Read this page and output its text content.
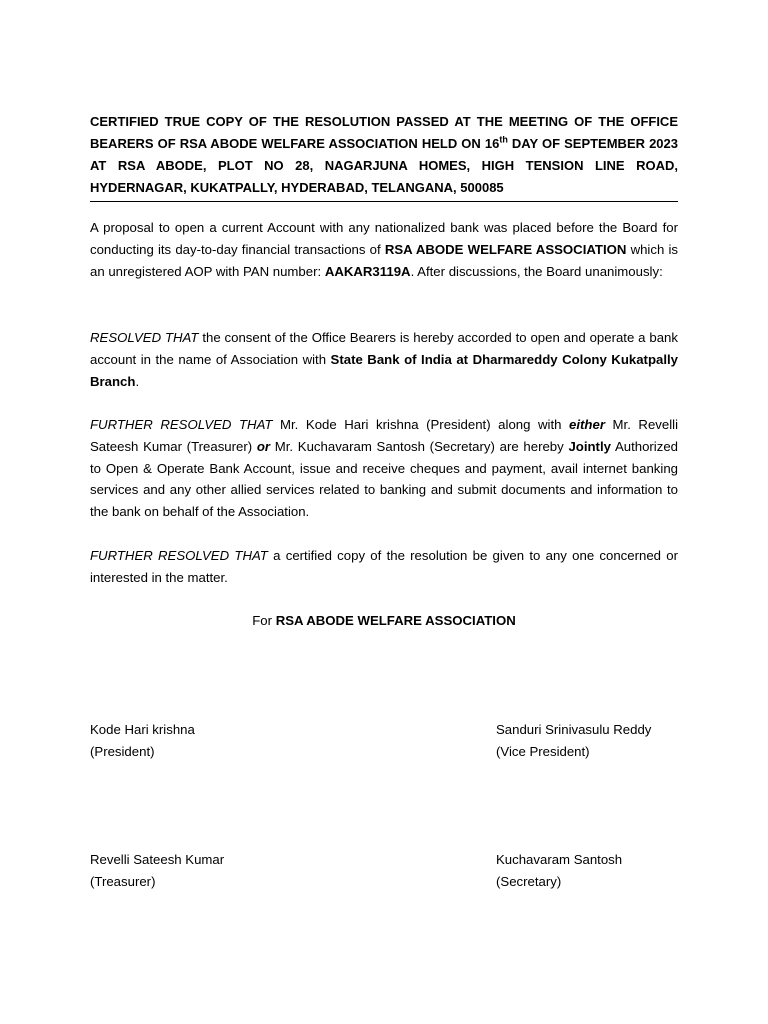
CERTIFIED TRUE COPY OF THE RESOLUTION PASSED AT THE MEETING OF THE OFFICE BEARERS OF RSA ABODE WELFARE ASSOCIATION HELD ON 16th DAY OF SEPTEMBER 2023 AT RSA ABODE, PLOT NO 28, NAGARJUNA HOMES, HIGH TENSION LINE ROAD, HYDERNAGAR, KUKATPALLY, HYDERABAD, TELANGANA, 500085

A proposal to open a current Account with any nationalized bank was placed before the Board for conducting its day-to-day financial transactions of RSA ABODE WELFARE ASSOCIATION which is an unregistered AOP with PAN number: AAKAR3119A. After discussions, the Board unanimously:

RESOLVED THAT the consent of the Office Bearers is hereby accorded to open and operate a bank account in the name of Association with State Bank of India at Dharmareddy Colony Kukatpally Branch.

FURTHER RESOLVED THAT Mr. Kode Hari krishna (President) along with either Mr. Revelli Sateesh Kumar (Treasurer) or Mr. Kuchavaram Santosh (Secretary) are hereby Jointly Authorized to Open & Operate Bank Account, issue and receive cheques and payment, avail internet banking services and any other allied services related to banking and submit documents and information to the bank on behalf of the Association.

FURTHER RESOLVED THAT a certified copy of the resolution be given to any one concerned or interested in the matter.

For RSA ABODE WELFARE ASSOCIATION
Kode Hari krishna
(President)
Sanduri Srinivasulu Reddy
(Vice President)
Revelli Sateesh Kumar
(Treasurer)
Kuchavaram Santosh
(Secretary)
